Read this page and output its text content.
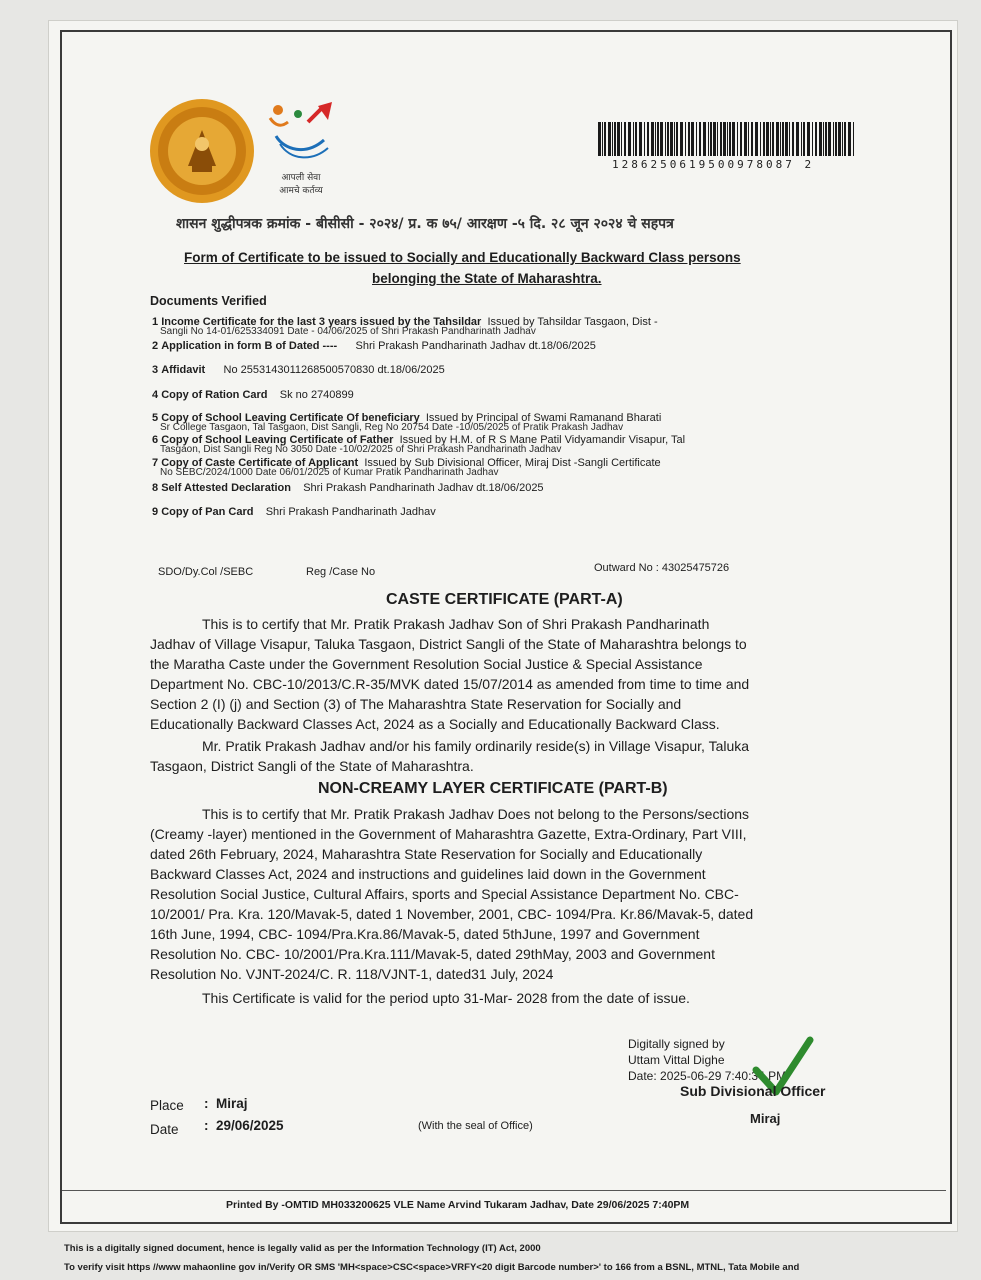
आपली सेवा
आमचे कर्तव्य
1286250619500978087 2
शासन शुद्धीपत्रक क्रमांक - बीसीसी - २०२४/ प्र. क ७५/ आरक्षण -५ दि. २८ जून २०२४ चे सहपत्र
Form of Certificate to be issued to Socially and Educationally Backward Class persons
belonging the State of Maharashtra.
Documents Verified
1 Income Certificate for the last 3 years issued by the Tahsildar Issued by Tahsildar Tasgaon, Dist -
Sangli No 14-01/625334091 Date - 04/06/2025 of Shri Prakash Pandharinath Jadhav
2 Application in form B of Dated ---- Shri Prakash Pandharinath Jadhav dt.18/06/2025
3 Affidavit No 2553143011268500570830 dt.18/06/2025
4 Copy of Ration Card Sk no 2740899
5 Copy of School Leaving Certificate Of beneficiary Issued by Principal of Swami Ramanand Bharati
Sr College Tasgaon, Tal Tasgaon, Dist Sangli, Reg No 20754 Date -10/05/2025 of Pratik Prakash Jadhav
6 Copy of School Leaving Certificate of Father Issued by H.M. of R S Mane Patil Vidyamandir Visapur, Tal
Tasgaon, Dist Sangli Reg No 3050 Date -10/02/2025 of Shri Prakash Pandharinath Jadhav
7 Copy of Caste Certificate of Applicant Issued by Sub Divisional Officer, Miraj Dist -Sangli Certificate
No SEBC/2024/1000 Date 06/01/2025 of Kumar Pratik Pandharinath Jadhav
8 Self Attested Declaration Shri Prakash Pandharinath Jadhav dt.18/06/2025
9 Copy of Pan Card Shri Prakash Pandharinath Jadhav
SDO/Dy.Col /SEBC	Reg /Case No	Outward No : 43025475726
CASTE CERTIFICATE (PART-A)
This is to certify that Mr. Pratik Prakash Jadhav Son of Shri Prakash Pandharinath
Jadhav of Village Visapur, Taluka Tasgaon, District Sangli of the State of Maharashtra belongs to
the Maratha Caste under the Government Resolution Social Justice & Special Assistance
Department No. CBC-10/2013/C.R-35/MVK dated 15/07/2014 as amended from time to time and
Section 2 (I) (j) and Section (3) of The Maharashtra State Reservation for Socially and
Educationally Backward Classes Act, 2024 as a Socially and Educationally Backward Class.
Mr. Pratik Prakash Jadhav and/or his family ordinarily reside(s) in Village Visapur, Taluka
Tasgaon, District Sangli of the State of Maharashtra.
NON-CREAMY LAYER CERTIFICATE (PART-B)
This is to certify that Mr. Pratik Prakash Jadhav Does not belong to the Persons/sections
(Creamy -layer) mentioned in the Government of Maharashtra Gazette, Extra-Ordinary, Part VIII,
dated 26th February, 2024, Maharashtra State Reservation for Socially and Educationally
Backward Classes Act, 2024 and instructions and guidelines laid down in the Government
Resolution Social Justice, Cultural Affairs, sports and Special Assistance Department No. CBC-
10/2001/ Pra. Kra. 120/Mavak-5, dated 1 November, 2001, CBC- 1094/Pra. Kr.86/Mavak-5, dated
16th June, 1994, CBC- 1094/Pra.Kra.86/Mavak-5, dated 5thJune, 1997 and Government
Resolution No. CBC- 10/2001/Pra.Kra.111/Mavak-5, dated 29thMay, 2003 and Government
Resolution No. VJNT-2024/C. R. 118/VJNT-1, dated31 July, 2024
This Certificate is valid for the period upto 31-Mar- 2028 from the date of issue.
Digitally signed by
Uttam Vittal Dighe
Date: 2025-06-29 7:40:34 PM
Sub Divisional Officer
Miraj
Place :  Miraj
Date :  29/06/2025	(With the seal of Office)
Printed By -OMTID MH033200625 VLE Name Arvind Tukaram Jadhav, Date 29/06/2025 7:40PM
This is a digitally signed document, hence is legally valid as per the Information Technology (IT) Act, 2000
To verify visit https //www mahaonline gov in/Verify OR SMS 'MH<space>CSC<space>VRFY<20 digit Barcode number>' to 166 from a BSNL, MTNL, Tata Mobile and
